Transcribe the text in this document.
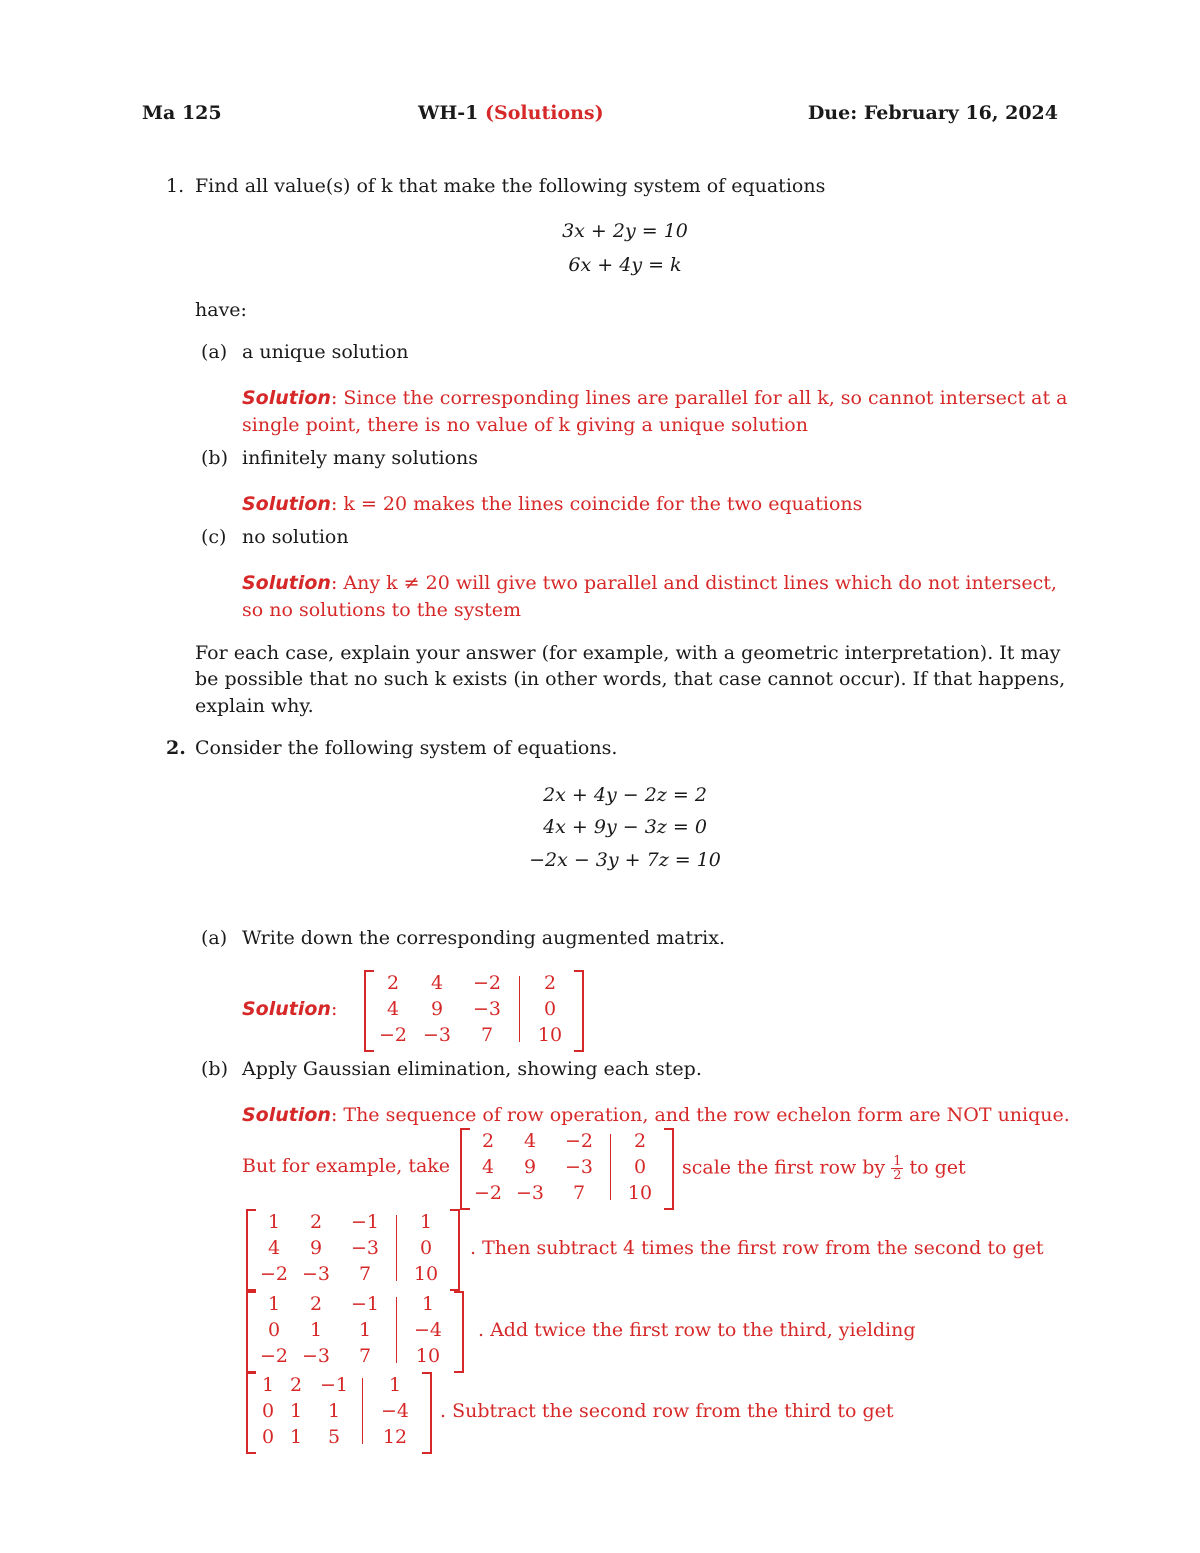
Ma 125	WH-1 (Solutions)	Due: February 16, 2024
1. Find all value(s) of k that make the following system of equations
3x + 2y = 10
6x + 4y = k
have:
(a) a unique solution
Solution: Since the corresponding lines are parallel for all k, so cannot intersect at a
single point, there is no value of k giving a unique solution
(b) infinitely many solutions
Solution: k = 20 makes the lines coincide for the two equations
(c) no solution
Solution: Any k ≠ 20 will give two parallel and distinct lines which do not intersect,
so no solutions to the system
For each case, explain your answer (for example, with a geometric interpretation). It may
be possible that no such k exists (in other words, that case cannot occur). If that happens,
explain why.
2. Consider the following system of equations.
2x + 4y − 2z = 2
4x + 9y − 3z = 0
−2x − 3y + 7z = 10
(a) Write down the corresponding augmented matrix.
Solution:
2	4	−2	2
4	9	−3	0
−2 −3	7	10
(b) Apply Gaussian elimination, showing each step.
Solution: The sequence of row operation, and the row echelon form are NOT unique.
But for example, take
2	4	−2	2
4	9	−3	0
−2 −3	7	10
scale the first row by $\frac{1}{2}$ to get
1	2	−1	1
4	9	−3	0
−2 −3	7	10
. Then subtract 4 times the first row from the second to get
1	2	−1	1
0	1	1	−4
−2 −3	7	10
. Add twice the first row to the third, yielding
1 2 −1	1
0 1	1	−4
0 1	5	12
. Subtract the second row from the third to get
